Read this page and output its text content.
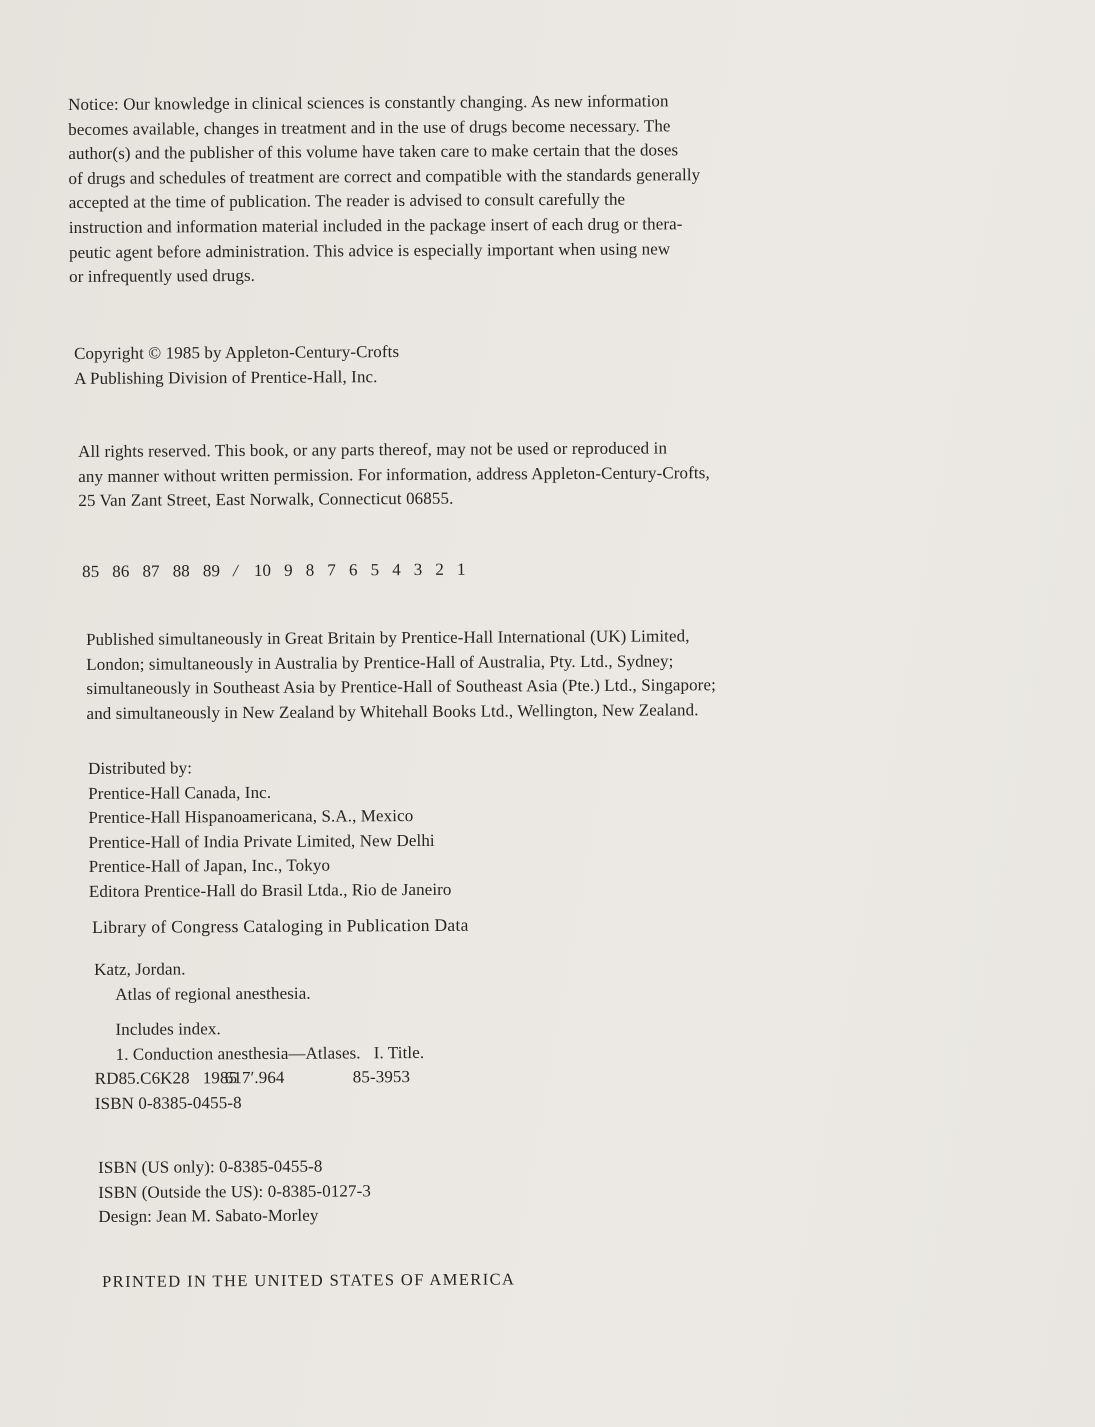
Notice: Our knowledge in clinical sciences is constantly changing. As new information
becomes available, changes in treatment and in the use of drugs become necessary. The
author(s) and the publisher of this volume have taken care to make certain that the doses
of drugs and schedules of treatment are correct and compatible with the standards generally
accepted at the time of publication. The reader is advised to consult carefully the
instruction and information material included in the package insert of each drug or thera-
peutic agent before administration. This advice is especially important when using new
or infrequently used drugs.
Copyright © 1985 by Appleton-Century-Crofts
A Publishing Division of Prentice-Hall, Inc.
All rights reserved. This book, or any parts thereof, may not be used or reproduced in
any manner without written permission. For information, address Appleton-Century-Crofts,
25 Van Zant Street, East Norwalk, Connecticut 06855.
85 86 87 88 89 / 10 9 8 7 6 5 4 3 2 1
Published simultaneously in Great Britain by Prentice-Hall International (UK) Limited,
London; simultaneously in Australia by Prentice-Hall of Australia, Pty. Ltd., Sydney;
simultaneously in Southeast Asia by Prentice-Hall of Southeast Asia (Pte.) Ltd., Singapore;
and simultaneously in New Zealand by Whitehall Books Ltd., Wellington, New Zealand.
Distributed by:
Prentice-Hall Canada, Inc.
Prentice-Hall Hispanoamericana, S.A., Mexico
Prentice-Hall of India Private Limited, New Delhi
Prentice-Hall of Japan, Inc., Tokyo
Editora Prentice-Hall do Brasil Ltda., Rio de Janeiro
Library of Congress Cataloging in Publication Data
Katz, Jordan.
Atlas of regional anesthesia.
Includes index.
1. Conduction anesthesia—Atlases.   I. Title.
RD85.C6K28   1985
617′.964	85-3953
ISBN 0-8385-0455-8
ISBN (US only): 0-8385-0455-8
ISBN (Outside the US): 0-8385-0127-3
Design: Jean M. Sabato-Morley
PRINTED IN THE UNITED STATES OF AMERICA
